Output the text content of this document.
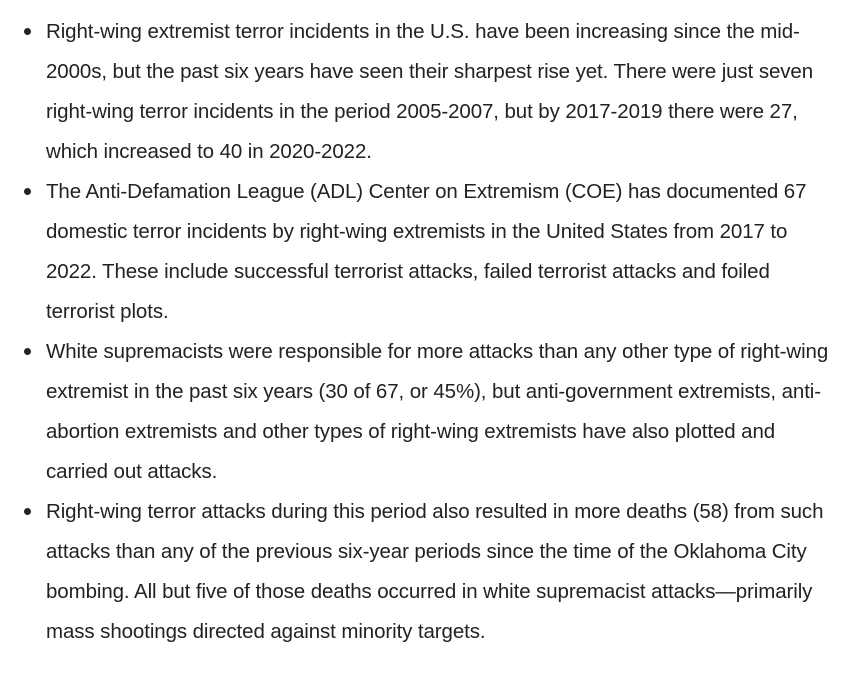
Right-wing extremist terror incidents in the U.S. have been increasing since the mid-2000s, but the past six years have seen their sharpest rise yet. There were just seven right-wing terror incidents in the period 2005-2007, but by 2017-2019 there were 27, which increased to 40 in 2020-2022.
The Anti-Defamation League (ADL) Center on Extremism (COE) has documented 67 domestic terror incidents by right-wing extremists in the United States from 2017 to 2022. These include successful terrorist attacks, failed terrorist attacks and foiled terrorist plots.
White supremacists were responsible for more attacks than any other type of right-wing extremist in the past six years (30 of 67, or 45%), but anti-government extremists, anti-abortion extremists and other types of right-wing extremists have also plotted and carried out attacks.
Right-wing terror attacks during this period also resulted in more deaths (58) from such attacks than any of the previous six-year periods since the time of the Oklahoma City bombing. All but five of those deaths occurred in white supremacist attacks—primarily mass shootings directed against minority targets.
